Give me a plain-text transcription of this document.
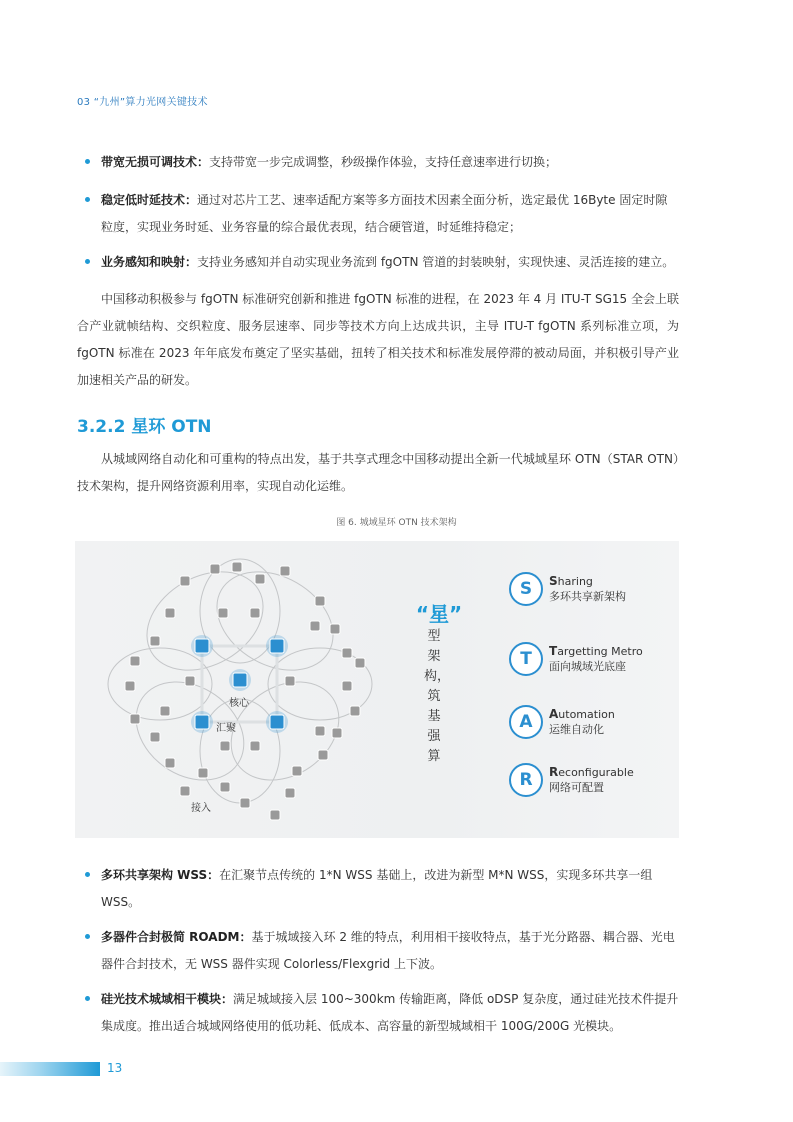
03 “九州”算力光网关键技术
带宽无损可调技术：支持带宽一步完成调整，秒级操作体验，支持任意速率进行切换；
稳定低时延技术：通过对芯片工艺、速率适配方案等多方面技术因素全面分析，选定最优 16Byte 固定时隙粒度，实现业务时延、业务容量的综合最优表现，结合硬管道，时延维持稳定；
业务感知和映射：支持业务感知并自动实现业务流到 fgOTN 管道的封装映射，实现快速、灵活连接的建立。
中国移动积极参与 fgOTN 标准研究创新和推进 fgOTN 标准的进程，在 2023 年 4 月 ITU-T SG15 全会上联合产业就帧结构、交织粒度、服务层速率、同步等技术方向上达成共识，主导 ITU-T fgOTN 系列标准立项，为 fgOTN 标准在 2023 年年底发布奠定了坚实基础，扭转了相关技术和标准发展停滞的被动局面，并积极引导产业加速相关产品的研发。
3.2.2 星环 OTN
从城域网络自动化和可重构的特点出发，基于共享式理念中国移动提出全新一代城域星环 OTN（STAR OTN）技术架构，提升网络资源利用率，实现自动化运维。
图 6. 城域星环 OTN 技术架构
核心
汇聚
接入
“星”
型架构，筑基强算
S	Sharing
多环共享新架构
T	Targetting Metro
面向城域光底座
A	Automation
运维自动化
R	Reconfigurable
网络可配置
多环共享架构 WSS：在汇聚节点传统的 1*N WSS 基础上，改进为新型 M*N WSS，实现多环共享一组 WSS。
多器件合封极简 ROADM：基于城域接入环 2 维的特点，利用相干接收特点，基于光分路器、耦合器、光电器件合封技术，无 WSS 器件实现 Colorless/Flexgrid 上下波。
硅光技术城域相干模块：满足城域接入层 100~300km 传输距离，降低 oDSP 复杂度，通过硅光技术件提升集成度。推出适合城域网络使用的低功耗、低成本、高容量的新型城域相干 100G/200G 光模块。
13
